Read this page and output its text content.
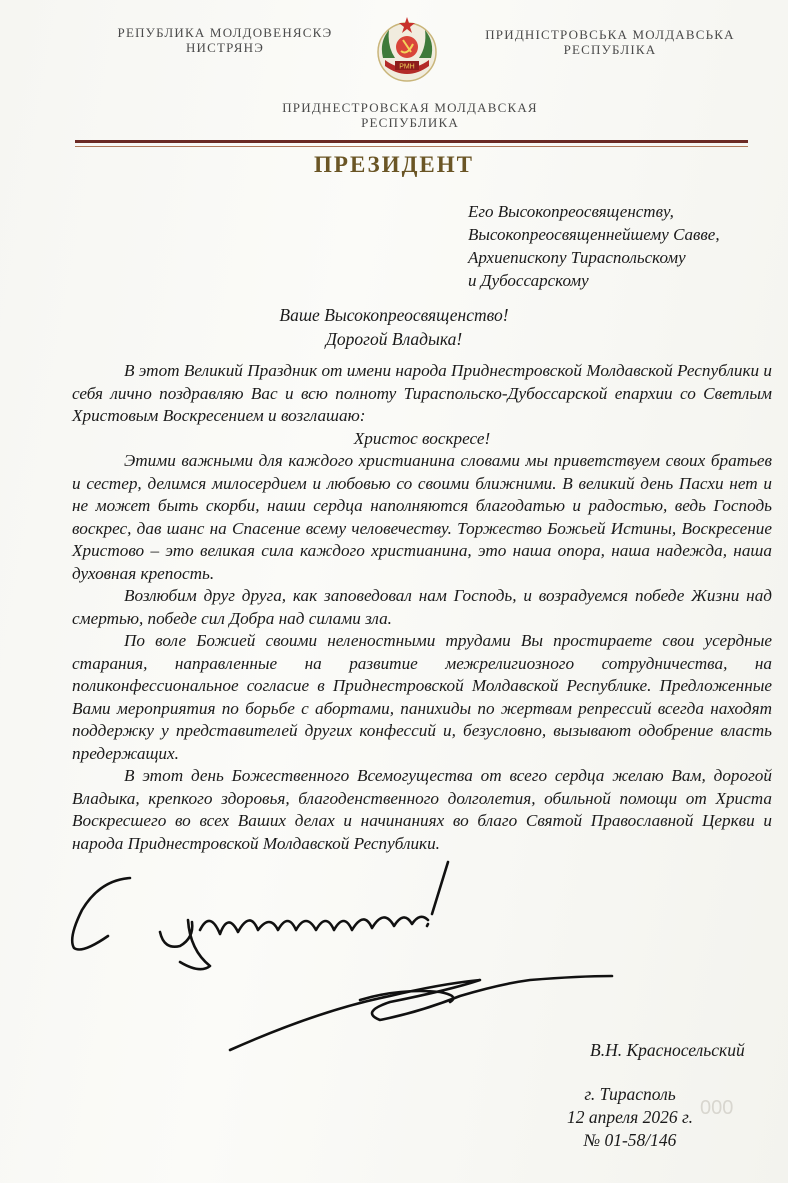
РЕПУБЛИКА МОЛДОВЕНЯСКЭ
НИСТРЯНЭ
РМН
ПРИДНІСТРОВСЬКА МОЛДАВСЬКА
РЕСПУБЛІКА
ПРИДНЕСТРОВСКАЯ МОЛДАВСКАЯ
РЕСПУБЛИКА
ПРЕЗИДЕНТ
Его Высокопреосвященству,
Высокопреосвященнейшему Савве,
Архиепископу Тираспольскому
и Дубоссарскому
Ваше Высокопреосвященство!
Дорогой Владыка!

В этот Великий Праздник от имени народа Приднестровской Молдавской Республики и себя лично поздравляю Вас и всю полноту Тираспольско-Дубоссарской епархии со Светлым Христовым Воскресением и возглашаю:

Христос воскресе!

Этими важными для каждого христианина словами мы приветствуем своих братьев и сестер, делимся милосердием и любовью со своими ближними. В великий день Пасхи нет и не может быть скорби, наши сердца наполняются благодатью и радостью, ведь Господь воскрес, дав шанс на Спасение всему человечеству. Торжество Божьей Истины, Воскресение Христово – это великая сила каждого христианина, это наша опора, наша надежда, наша духовная крепость.

Возлюбим друг друга, как заповедовал нам Господь, и возрадуемся победе Жизни над смертью, победе сил Добра над силами зла.

По воле Божией своими неленостными трудами Вы простираете свои усердные старания, направленные на развитие межрелигиозного сотрудничества, на поликонфессиональное согласие в Приднестровской Молдавской Республике. Предложенные Вами мероприятия по борьбе с абортами, панихиды по жертвам репрессий всегда находят поддержку у представителей других конфессий и, безусловно, вызывают одобрение власть предержащих.

В этот день Божественного Всемогущества от всего сердца желаю Вам, дорогой Владыка, крепкого здоровья, благоденственного долголетия, обильной помощи от Христа Воскресшего во всех Ваших делах и начинаниях во благо Святой Православной Церкви и народа Приднестровской Молдавской Республики.

В.Н. Красносельский
г. Тирасполь
12 апреля 2026 г.
№ 01-58/146
000
